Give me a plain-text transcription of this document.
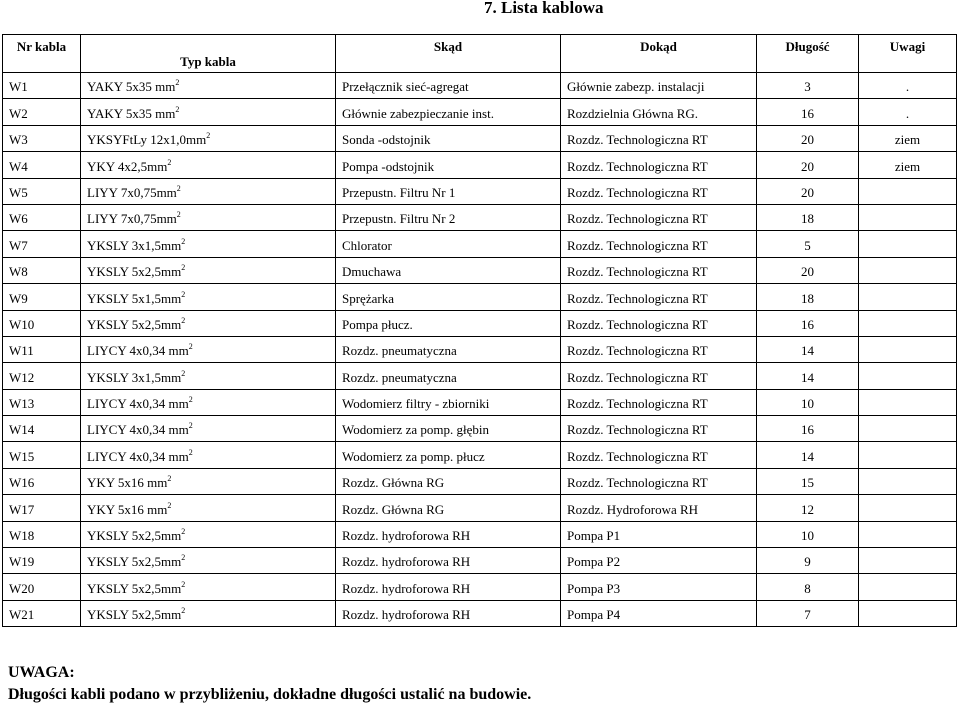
7. Lista kablowa
Nr kabla	Typ kabla	Skąd	Dokąd	Długość	Uwagi
W1	YAKY 5x35 $mm^2$	Przełącznik sieć-agregat	Głównie zabezp. instalacji	3	.
W2	YAKY 5x35 $mm^2$	Głównie zabezpieczanie inst.	Rozdzielnia Główna RG.	16	.
W3	YKSYFtLy $12x1,0mm^2$	Sonda -odstojnik	Rozdz. Technologiczna RT	20	ziem
W4	YKY $4x2,5mm^2$	Pompa -odstojnik	Rozdz. Technologiczna RT	20	ziem
W5	LIYY $7x0,75mm^2$	Przepustn. Filtru Nr 1	Rozdz. Technologiczna RT	20	
W6	LIYY $7x0,75mm^2$	Przepustn. Filtru Nr 2	Rozdz. Technologiczna RT	18	
W7	YKSLY $3x1,5mm^2$	Chlorator	Rozdz. Technologiczna RT	5	
W8	YKSLY $5x2,5mm^2$	Dmuchawa	Rozdz. Technologiczna RT	20	
W9	YKSLY $5x1,5mm^2$	Sprężarka	Rozdz. Technologiczna RT	18	
W10	YKSLY $5x2,5mm^2$	Pompa płucz.	Rozdz. Technologiczna RT	16	
W11	LIYCY 4x0,34 $mm^2$	Rozdz. pneumatyczna	Rozdz. Technologiczna RT	14	
W12	YKSLY $3x1,5mm^2$	Rozdz. pneumatyczna	Rozdz. Technologiczna RT	14	
W13	LIYCY 4x0,34 $mm^2$	Wodomierz filtry - zbiorniki	Rozdz. Technologiczna RT	10	
W14	LIYCY 4x0,34 $mm^2$	Wodomierz za pomp. głębin	Rozdz. Technologiczna RT	16	
W15	LIYCY 4x0,34 $mm^2$	Wodomierz za pomp. płucz	Rozdz. Technologiczna RT	14	
W16	YKY 5x16 $mm^2$	Rozdz. Główna RG	Rozdz. Technologiczna RT	15	
W17	YKY 5x16 $mm^2$	Rozdz. Główna RG	Rozdz. Hydroforowa RH	12	
W18	YKSLY $5x2,5mm^2$	Rozdz. hydroforowa RH	Pompa P1	10	
W19	YKSLY $5x2,5mm^2$	Rozdz. hydroforowa RH	Pompa P2	9	
W20	YKSLY $5x2,5mm^2$	Rozdz. hydroforowa RH	Pompa P3	8	
W21	YKSLY $5x2,5mm^2$	Rozdz. hydroforowa RH	Pompa P4	7	
UWAGA:
Długości kabli podano w przybliżeniu, dokładne długości ustalić na budowie.
